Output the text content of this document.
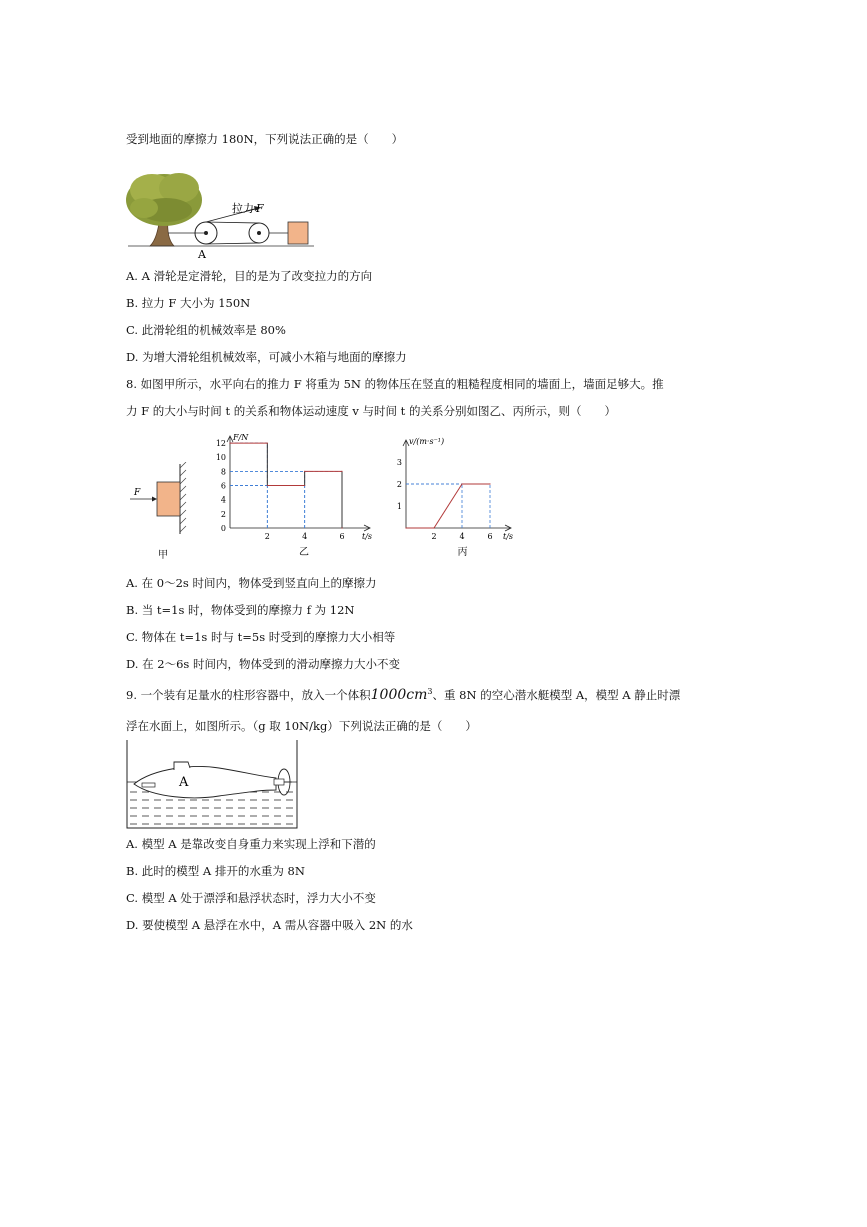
受到地面的摩擦力 180N，下列说法正确的是（　　）
拉力 F
A
A. A 滑轮是定滑轮，目的是为了改变拉力的方向
B. 拉力 F 大小为 150N
C. 此滑轮组的机械效率是 80%
D. 为增大滑轮组机械效率，可减小木箱与地面的摩擦力
8. 如图甲所示，水平向右的推力 F 将重为 5N 的物体压在竖直的粗糙程度相同的墙面上，墙面足够大。推
力 F 的大小与时间 t 的关系和物体运动速度 v 与时间 t 的关系分别如图乙、丙所示，则（　　）
F
甲
0
2
4
6
8
10
12
2	4	6
F/N
t/s
乙
1
2
3
2	4	6
v/(m·s⁻¹)
t/s
丙
A. 在 0～2s 时间内，物体受到竖直向上的摩擦力
B. 当 t=1s 时，物体受到的摩擦力 f 为 12N
C. 物体在 t=1s 时与 t=5s 时受到的摩擦力大小相等
D. 在 2～6s 时间内，物体受到的滑动摩擦力大小不变
9. 一个装有足量水的柱形容器中，放入一个体积$1000cm^3$、重 8N 的空心潜水艇模型 A，模型 A 静止时漂
浮在水面上，如图所示。（g 取 10N/kg）下列说法正确的是（　　）
A
A. 模型 A 是靠改变自身重力来实现上浮和下潜的
B. 此时的模型 A 排开的水重为 8N
C. 模型 A 处于漂浮和悬浮状态时，浮力大小不变
D. 要使模型 A 悬浮在水中，A 需从容器中吸入 2N 的水
